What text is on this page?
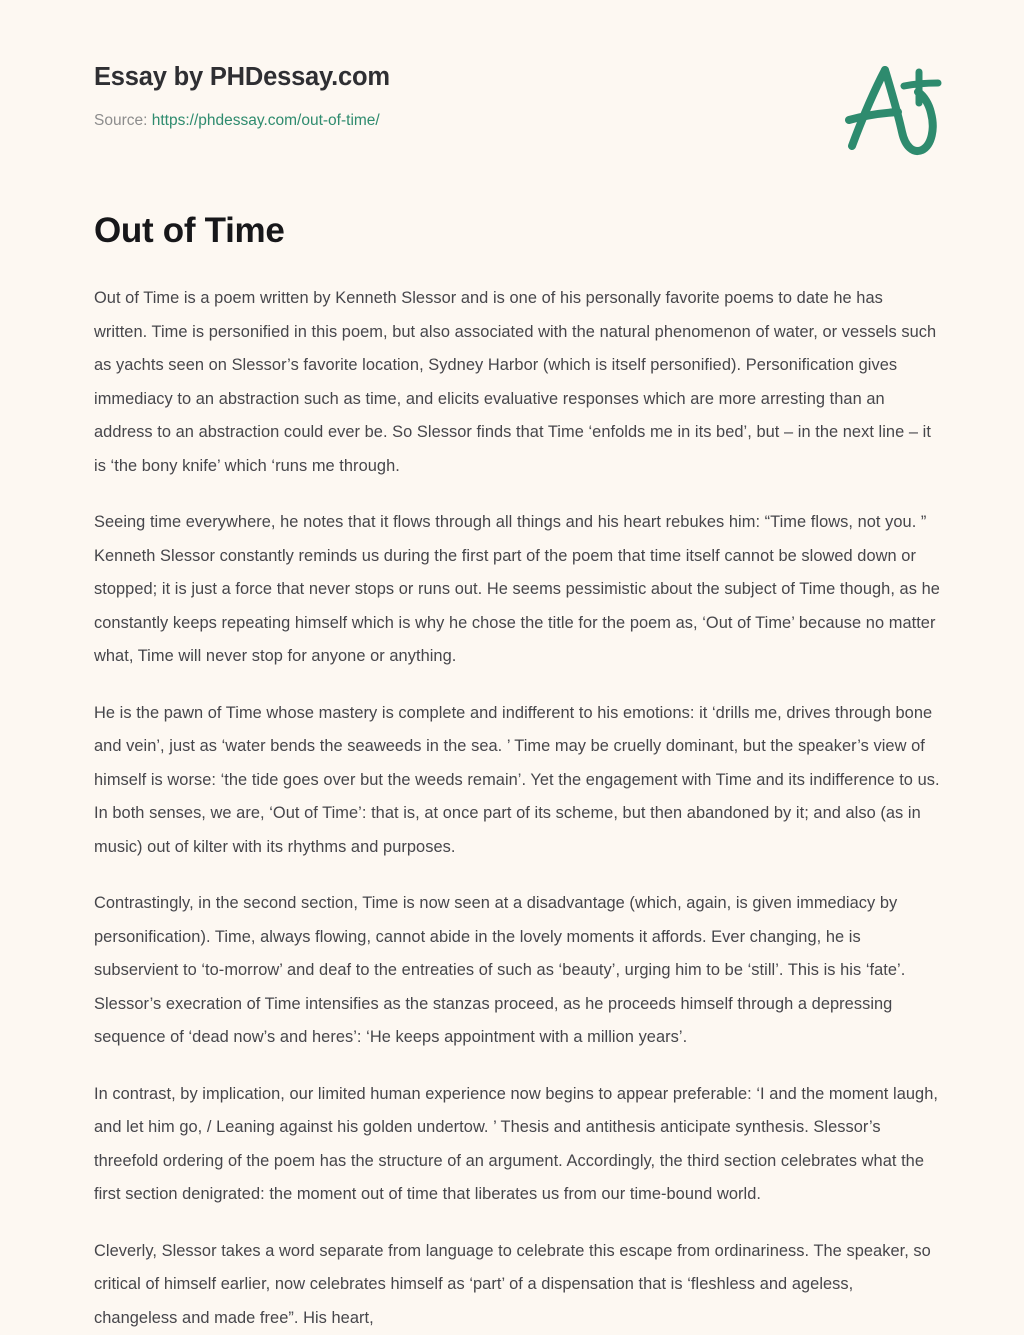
Essay by PHDessay.com
Source: https://phdessay.com/out-of-time/
Out of Time

Out of Time is a poem written by Kenneth Slessor and is one of his personally favorite poems to date he has written. Time is personified in this poem, but also associated with the natural phenomenon of water, or vessels such as yachts seen on Slessor’s favorite location, Sydney Harbor (which is itself personified). Personification gives immediacy to an abstraction such as time, and elicits evaluative responses which are more arresting than an address to an abstraction could ever be. So Slessor finds that Time ‘enfolds me in its bed’, but – in the next line – it is ‘the bony knife’ which ‘runs me through.

Seeing time everywhere, he notes that it flows through all things and his heart rebukes him: “Time flows, not you. ” Kenneth Slessor constantly reminds us during the first part of the poem that time itself cannot be slowed down or stopped; it is just a force that never stops or runs out. He seems pessimistic about the subject of Time though, as he constantly keeps repeating himself which is why he chose the title for the poem as, ‘Out of Time’ because no matter what, Time will never stop for anyone or anything.

He is the pawn of Time whose mastery is complete and indifferent to his emotions: it ‘drills me, drives through bone and vein’, just as ‘water bends the seaweeds in the sea. ’ Time may be cruelly dominant, but the speaker’s view of himself is worse: ‘the tide goes over but the weeds remain’. Yet the engagement with Time and its indifference to us. In both senses, we are, ‘Out of Time’: that is, at once part of its scheme, but then abandoned by it; and also (as in music) out of kilter with its rhythms and purposes.

Contrastingly, in the second section, Time is now seen at a disadvantage (which, again, is given immediacy by personification). Time, always flowing, cannot abide in the lovely moments it affords. Ever changing, he is subservient to ‘to-morrow’ and deaf to the entreaties of such as ‘beauty’, urging him to be ‘still’. This is his ‘fate’. Slessor’s execration of Time intensifies as the stanzas proceed, as he proceeds himself through a depressing sequence of ‘dead now’s and heres’: ‘He keeps appointment with a million years’.

In contrast, by implication, our limited human experience now begins to appear preferable: ‘I and the moment laugh, and let him go, / Leaning against his golden undertow. ’ Thesis and antithesis anticipate synthesis. Slessor’s threefold ordering of the poem has the structure of an argument. Accordingly, the third section celebrates what the first section denigrated: the moment out of time that liberates us from our time-bound world.

Cleverly, Slessor takes a word separate from language to celebrate this escape from ordinariness. The speaker, so critical of himself earlier, now celebrates himself as ‘part’ of a dispensation that is ‘fleshless and ageless, changeless and made free”. His heart,
